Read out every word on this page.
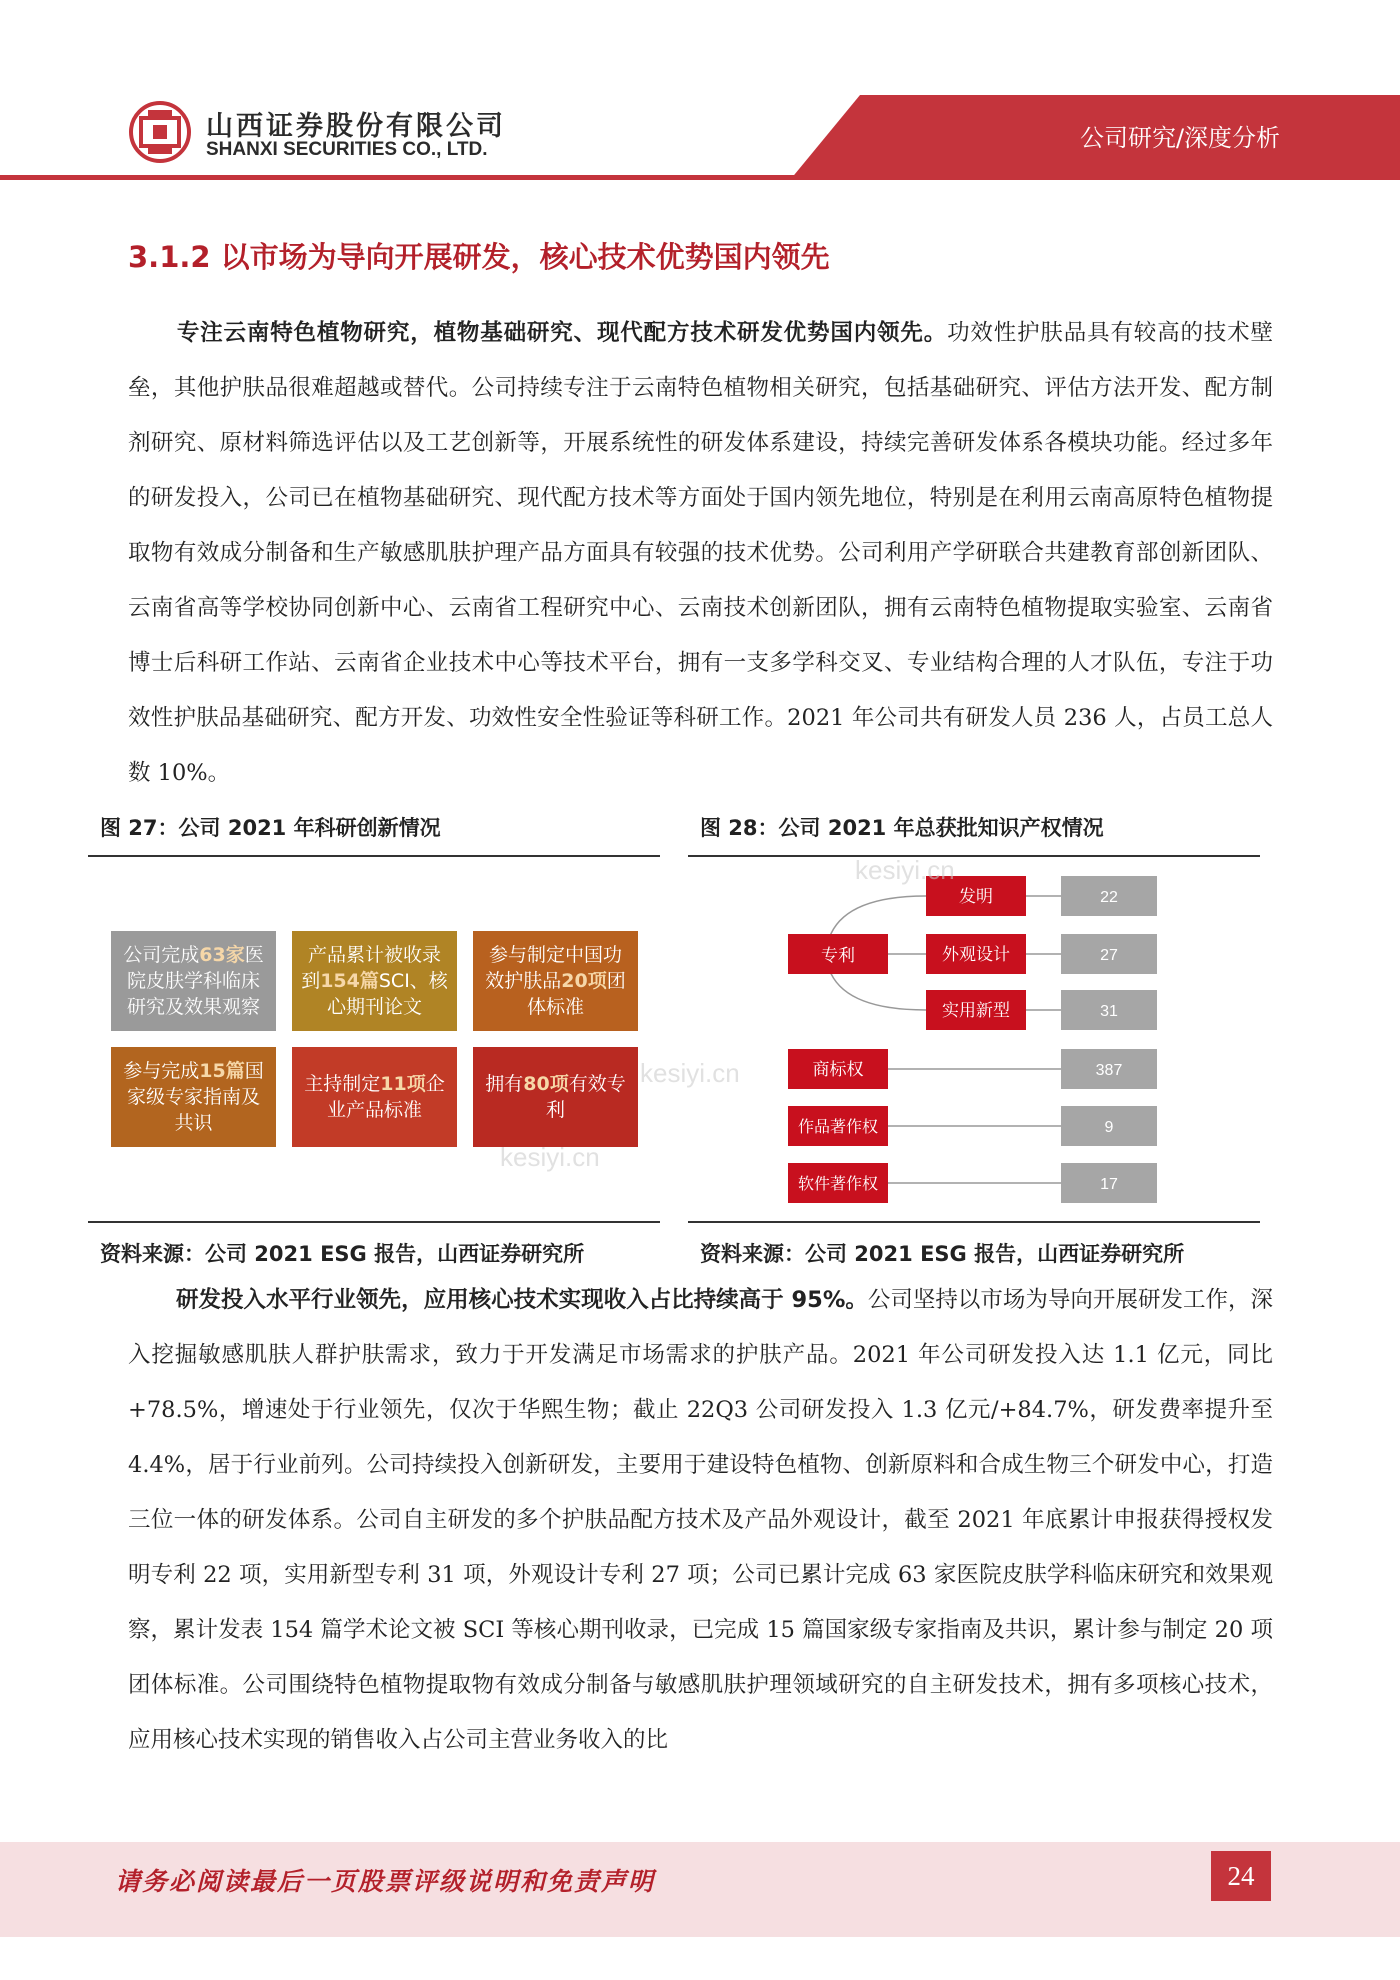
山西证券股份有限公司
SHANXI SECURITIES CO., LTD.	公司研究/深度分析
3.1.2 以市场为导向开展研发，核心技术优势国内领先
专注云南特色植物研究，植物基础研究、现代配方技术研发优势国内领先。功效性护肤品具有较高的技术壁垒，其他护肤品很难超越或替代。公司持续专注于云南特色植物相关研究，包括基础研究、评估方法开发、配方制剂研究、原材料筛选评估以及工艺创新等，开展系统性的研发体系建设，持续完善研发体系各模块功能。经过多年的研发投入，公司已在植物基础研究、现代配方技术等方面处于国内领先地位，特别是在利用云南高原特色植物提取物有效成分制备和生产敏感肌肤护理产品方面具有较强的技术优势。公司利用产学研联合共建教育部创新团队、云南省高等学校协同创新中心、云南省工程研究中心、云南技术创新团队，拥有云南特色植物提取实验室、云南省博士后科研工作站、云南省企业技术中心等技术平台，拥有一支多学科交叉、专业结构合理的人才队伍，专注于功效性护肤品基础研究、配方开发、功效性安全性验证等科研工作。2021 年公司共有研发人员 236 人，占员工总人数 10%。
图 27：公司 2021 年科研创新情况
公司完成63家医院皮肤学科临床研究及效果观察
产品累计被收录到154篇SCI、核心期刊论文
参与制定中国功效护肤品20项团体标准
参与完成15篇国家级专家指南及共识
主持制定11项企业产品标准
拥有80项有效专利
资料来源：公司 2021 ESG 报告，山西证券研究所
图 28：公司 2021 年总获批知识产权情况
专利
发明
外观设计
实用新型
商标权
作品著作权
软件著作权
22
27
31
387
9
17
资料来源：公司 2021 ESG 报告，山西证券研究所
kesiyi.cn
kesiyi.cn
kesiyi.cn
研发投入水平行业领先，应用核心技术实现收入占比持续高于 95%。公司坚持以市场为导向开展研发工作，深入挖掘敏感肌肤人群护肤需求，致力于开发满足市场需求的护肤产品。2021 年公司研发投入达 1.1 亿元，同比+78.5%，增速处于行业领先，仅次于华熙生物；截止 22Q3 公司研发投入 1.3 亿元/+84.7%，研发费率提升至 4.4%，居于行业前列。公司持续投入创新研发，主要用于建设特色植物、创新原料和合成生物三个研发中心，打造三位一体的研发体系。公司自主研发的多个护肤品配方技术及产品外观设计，截至 2021 年底累计申报获得授权发明专利 22 项，实用新型专利 31 项，外观设计专利 27 项；公司已累计完成 63 家医院皮肤学科临床研究和效果观察，累计发表 154 篇学术论文被 SCI 等核心期刊收录，已完成 15 篇国家级专家指南及共识，累计参与制定 20 项团体标准。公司围绕特色植物提取物有效成分制备与敏感肌肤护理领域研究的自主研发技术，拥有多项核心技术，应用核心技术实现的销售收入占公司主营业务收入的比
请务必阅读最后一页股票评级说明和免责声明	24
